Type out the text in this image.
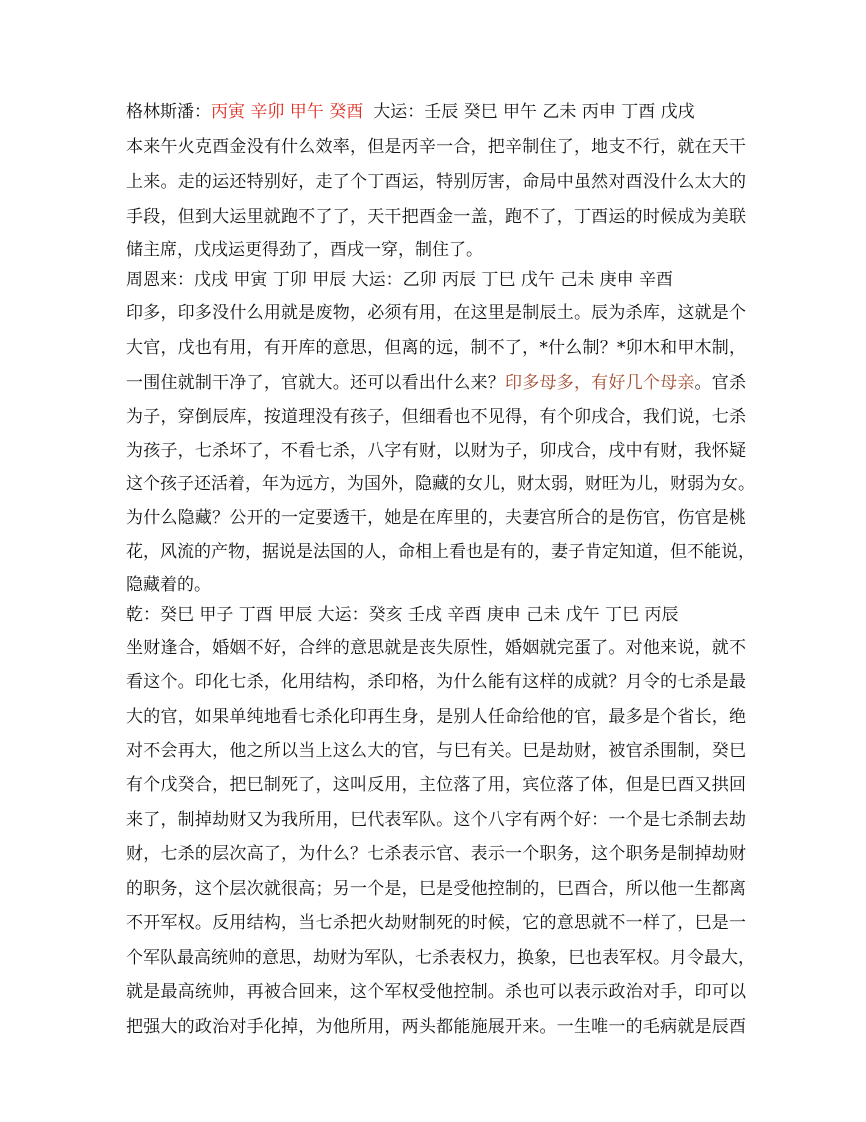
格林斯潘：丙寅 辛卯 甲午 癸酉 大运：壬辰 癸巳 甲午 乙未 丙申 丁酉 戊戌
本来午火克酉金没有什么效率，但是丙辛一合，把辛制住了，地支不行，就在天干
上来。走的运还特别好，走了个丁酉运，特别厉害，命局中虽然对酉没什么太大的
手段，但到大运里就跑不了了，天干把酉金一盖，跑不了，丁酉运的时候成为美联
储主席，戊戌运更得劲了，酉戌一穿，制住了。
周恩来：戊戌 甲寅 丁卯 甲辰 大运：乙卯 丙辰 丁巳 戊午 己未 庚申 辛酉
印多，印多没什么用就是废物，必须有用，在这里是制辰土。辰为杀库，这就是个
大官，戊也有用，有开库的意思，但离的远，制不了，*什么制？*卯木和甲木制，
一围住就制干净了，官就大。还可以看出什么来？印多母多，有好几个母亲。官杀
为子，穿倒辰库，按道理没有孩子，但细看也不见得，有个卯戌合，我们说，七杀
为孩子，七杀坏了，不看七杀，八字有财，以财为子，卯戌合，戌中有财，我怀疑
这个孩子还活着，年为远方，为国外，隐藏的女儿，财太弱，财旺为儿，财弱为女。
为什么隐藏？公开的一定要透干，她是在库里的，夫妻宫所合的是伤官，伤官是桃
花，风流的产物，据说是法国的人，命相上看也是有的，妻子肯定知道，但不能说，
隐藏着的。
乾：癸巳 甲子 丁酉 甲辰 大运：癸亥 壬戌 辛酉 庚申 己未 戊午 丁巳 丙辰
坐财逢合，婚姻不好，合绊的意思就是丧失原性，婚姻就完蛋了。对他来说，就不
看这个。印化七杀，化用结构，杀印格，为什么能有这样的成就？月令的七杀是最
大的官，如果单纯地看七杀化印再生身，是别人任命给他的官，最多是个省长，绝
对不会再大，他之所以当上这么大的官，与巳有关。巳是劫财，被官杀围制，癸巳
有个戊癸合，把巳制死了，这叫反用，主位落了用，宾位落了体，但是巳酉又拱回
来了，制掉劫财又为我所用，巳代表军队。这个八字有两个好：一个是七杀制去劫
财，七杀的层次高了，为什么？七杀表示官、表示一个职务，这个职务是制掉劫财
的职务，这个层次就很高；另一个是，巳是受他控制的，巳酉合，所以他一生都离
不开军权。反用结构，当七杀把火劫财制死的时候，它的意思就不一样了，巳是一
个军队最高统帅的意思，劫财为军队，七杀表权力，换象，巳也表军权。月令最大，
就是最高统帅，再被合回来，这个军权受他控制。杀也可以表示政治对手，印可以
把强大的政治对手化掉，为他所用，两头都能施展开来。一生唯一的毛病就是辰酉
